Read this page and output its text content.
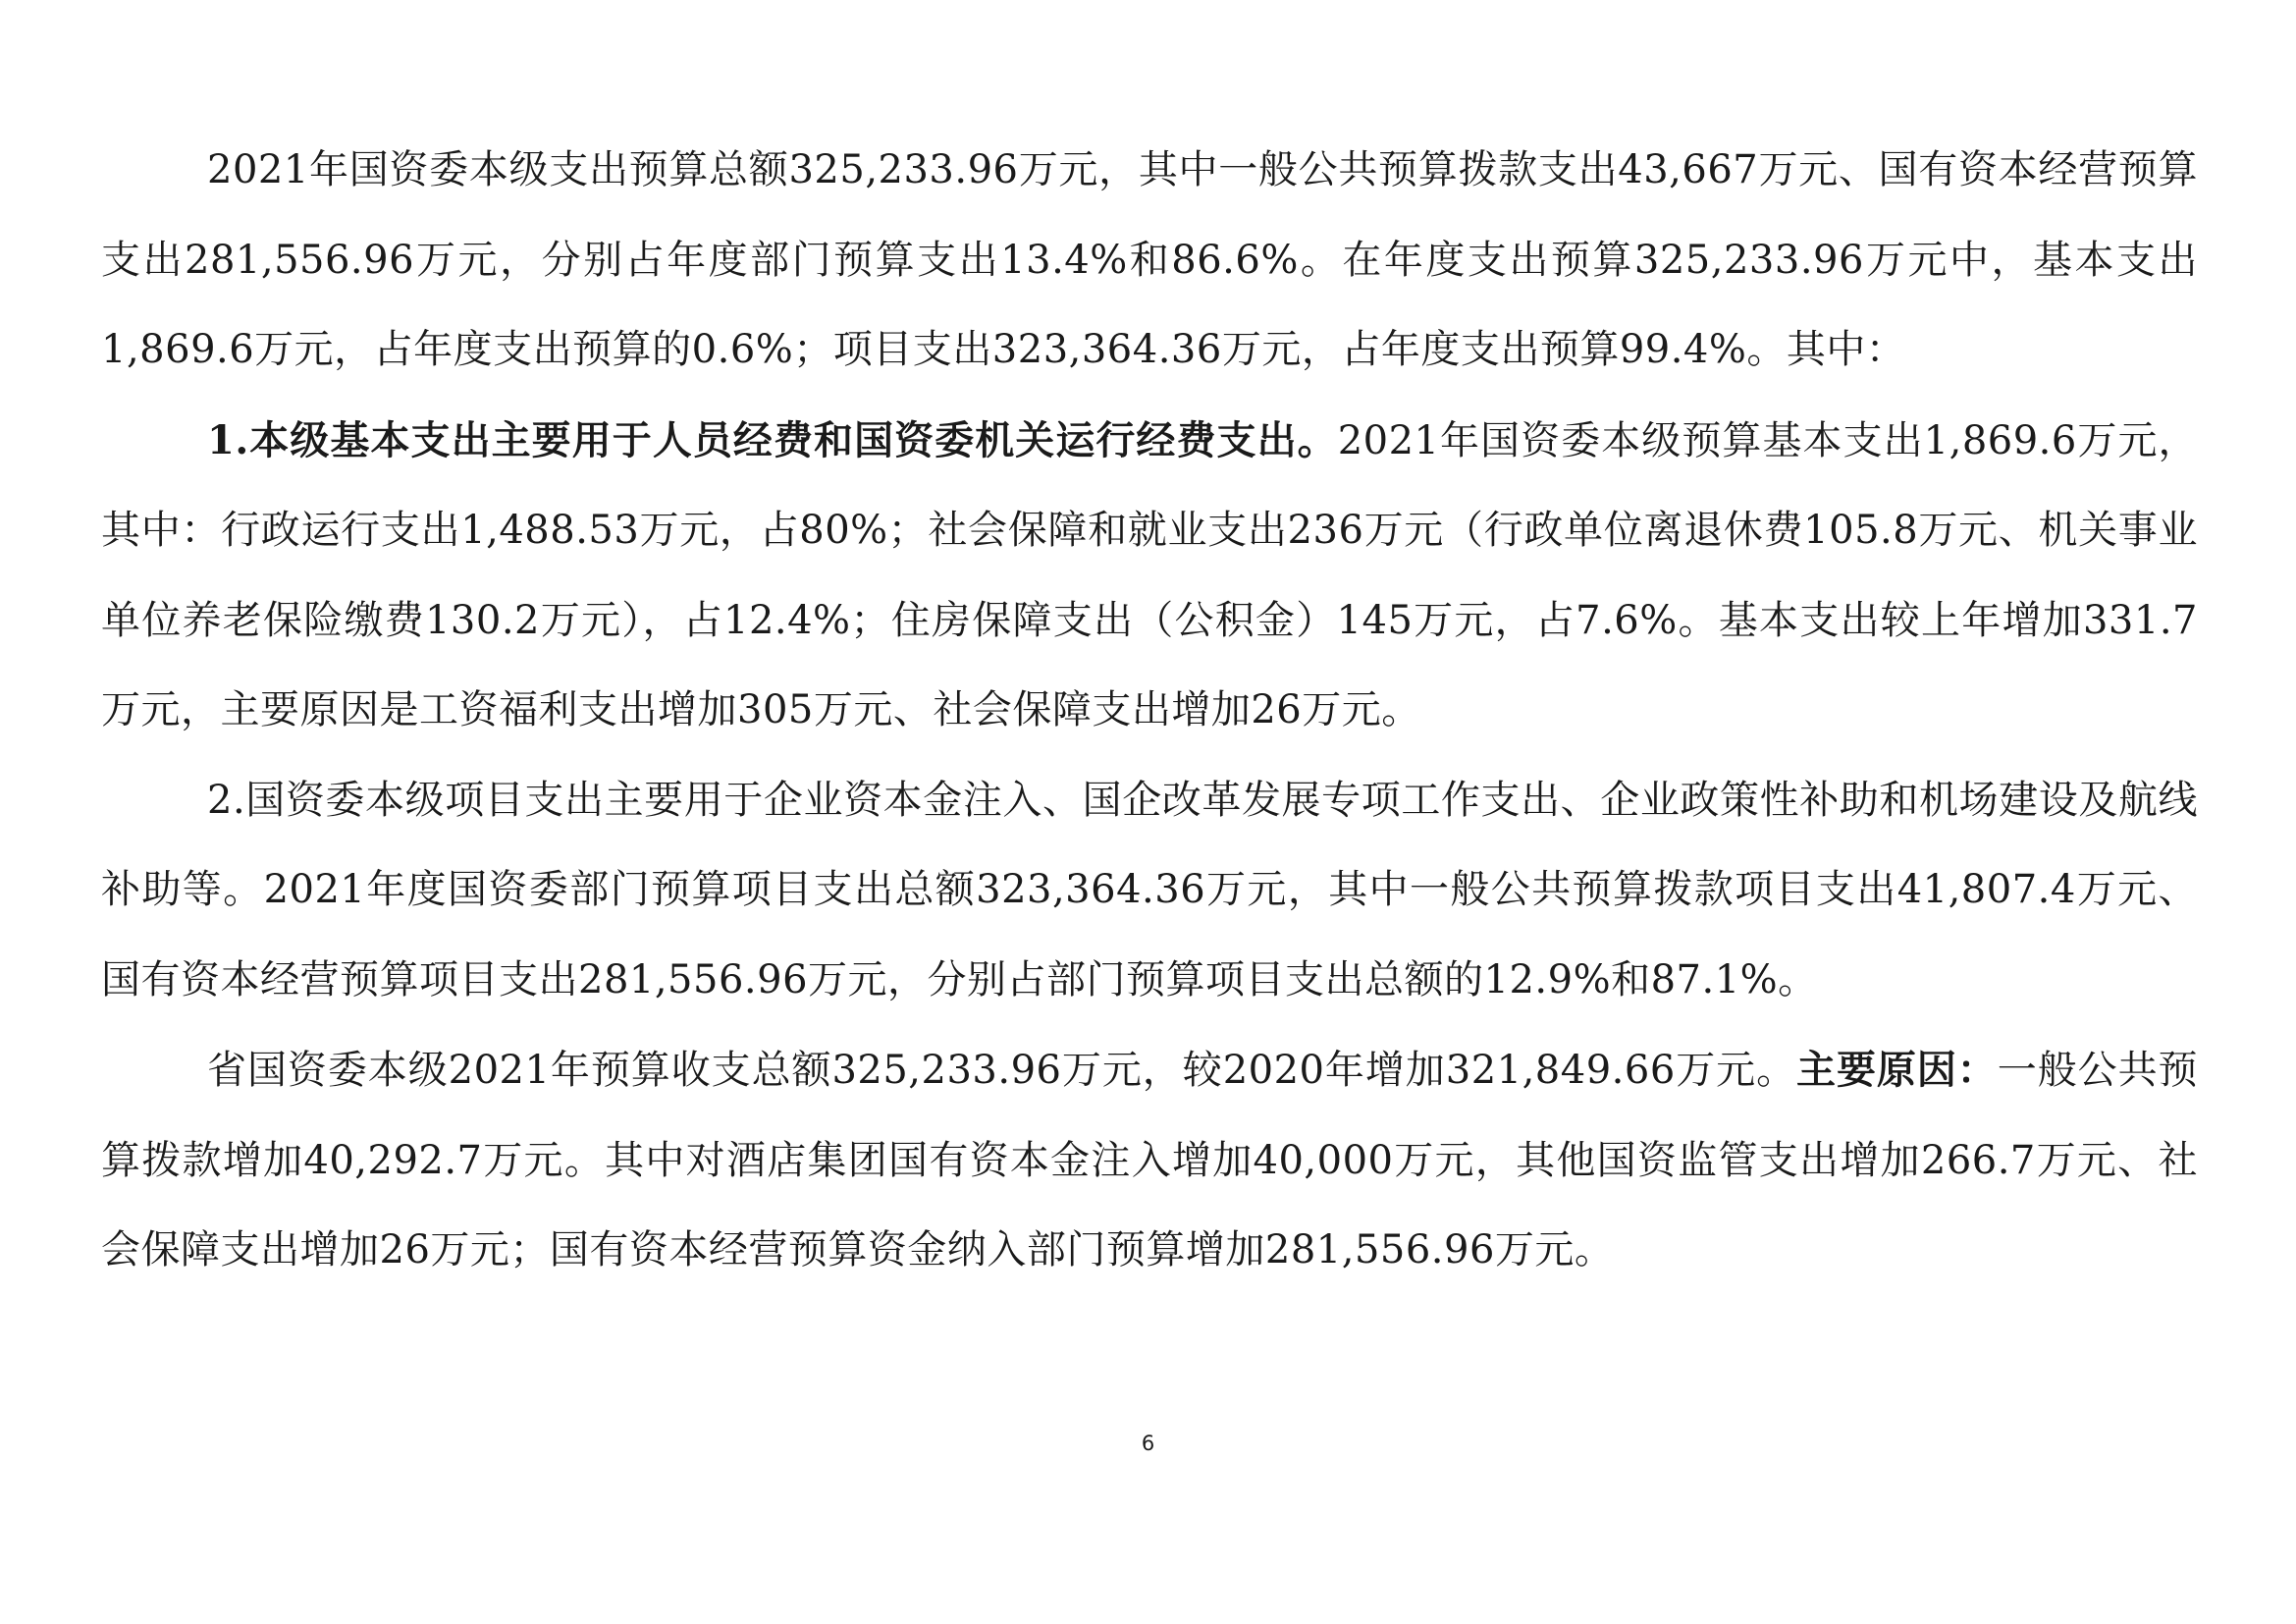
2021年国资委本级支出预算总额325,233.96万元，其中一般公共预算拨款支出43,667万元、国有资本经营预算支出281,556.96万元，分别占年度部门预算支出13.4%和86.6%。在年度支出预算325,233.96万元中，基本支出1,869.6万元，占年度支出预算的0.6%；项目支出323,364.36万元，占年度支出预算99.4%。其中：

1.本级基本支出主要用于人员经费和国资委机关运行经费支出。2021年国资委本级预算基本支出1,869.6万元，其中：行政运行支出1,488.53万元，占80%；社会保障和就业支出236万元（行政单位离退休费105.8万元、机关事业单位养老保险缴费130.2万元），占12.4%；住房保障支出（公积金）145万元，占7.6%。基本支出较上年增加331.7万元，主要原因是工资福利支出增加305万元、社会保障支出增加26万元。

2.国资委本级项目支出主要用于企业资本金注入、国企改革发展专项工作支出、企业政策性补助和机场建设及航线补助等。2021年度国资委部门预算项目支出总额323,364.36万元，其中一般公共预算拨款项目支出41,807.4万元、国有资本经营预算项目支出281,556.96万元，分别占部门预算项目支出总额的12.9%和87.1%。

省国资委本级2021年预算收支总额325,233.96万元，较2020年增加321,849.66万元。主要原因：一般公共预算拨款增加40,292.7万元。其中对酒店集团国有资本金注入增加40,000万元，其他国资监管支出增加266.7万元、社会保障支出增加26万元；国有资本经营预算资金纳入部门预算增加281,556.96万元。

6
